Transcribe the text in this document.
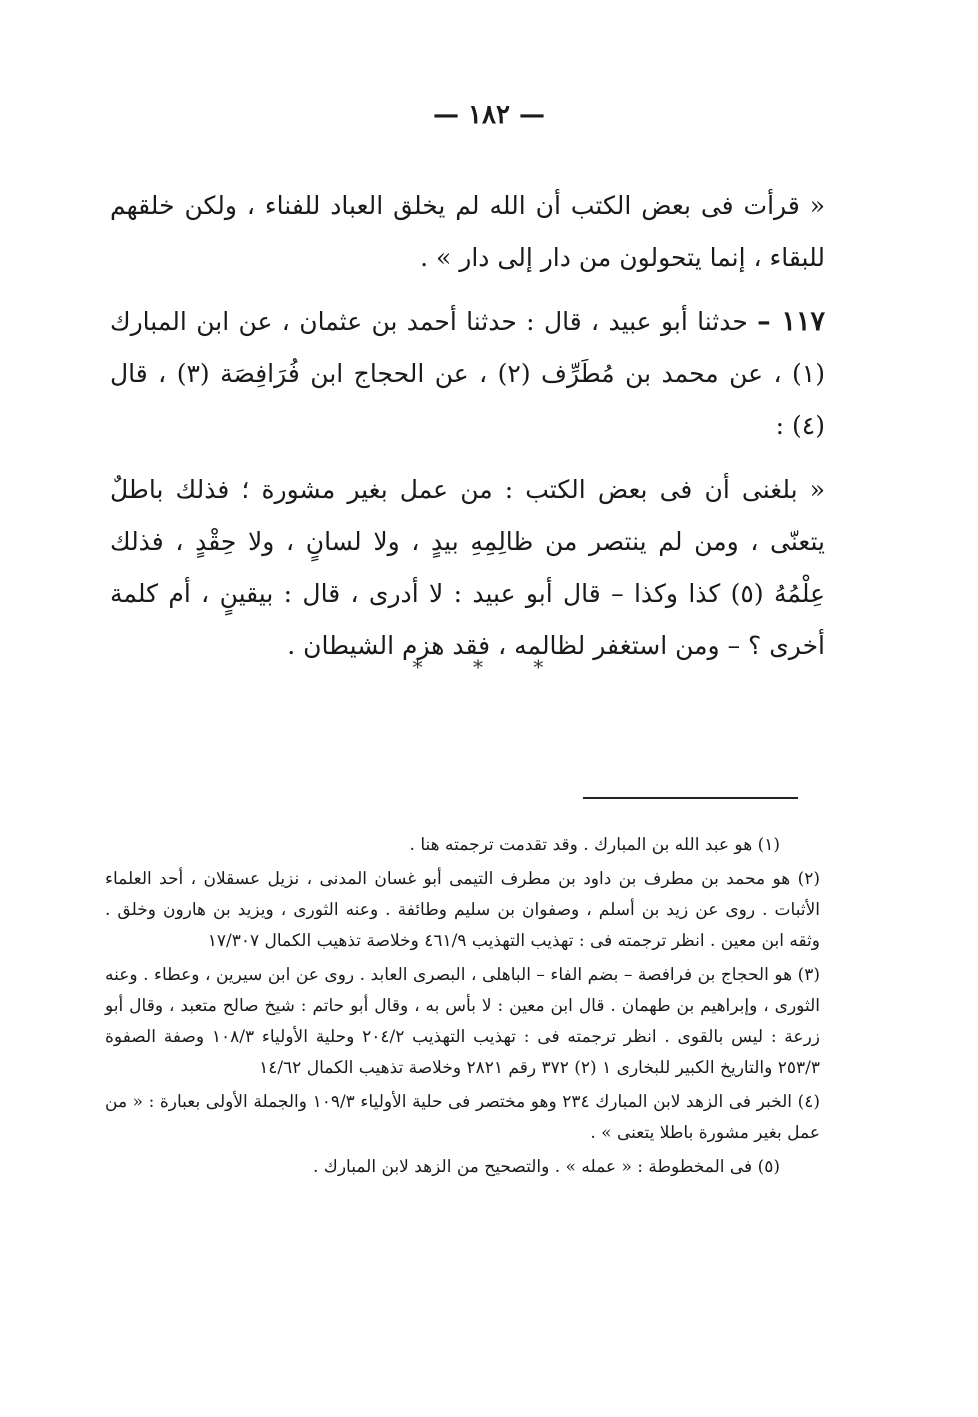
— ١٨٢ —

« قرأت فى بعض الكتب أن الله لم يخلق العباد للفناء ، ولكن خلقهم للبقاء ، إنما يتحولون من دار إلى دار » .

١١٧ – حدثنا أبو عبيد ، قال : حدثنا أحمد بن عثمان ، عن ابن المبارك (١) ، عن محمد بن مُطَرِّف (٢) ، عن الحجاج ابن فُرَافِصَة (٣) ، قال (٤) :

« بلغنى أن فى بعض الكتب : من عمل بغير مشورة ؛ فذلك باطلٌ يتعنّى ، ومن لم ينتصر من ظالِمِهِ بيدٍ ، ولا لسانٍ ، ولا حِقْدٍ ، فذلك عِلْمُهُ (٥) كذا وكذا – قال أبو عبيد : لا أدرى ، قال : بيقينٍ ، أم كلمة أخرى ؟ – ومن استغفر لظالمه ، فقد هزم الشيطان .

* * *

(١) هو عبد الله بن المبارك . وقد تقدمت ترجمته هنا .

(٢) هو محمد بن مطرف بن داود بن مطرف التيمى أبو غسان المدنى ، نزيل عسقلان ، أحد العلماء الأثبات . روى عن زيد بن أسلم ، وصفوان بن سليم وطائفة . وعنه الثورى ، ويزيد بن هارون وخلق . وثقه ابن معين . انظر ترجمته فى : تهذيب التهذيب ٤٦١/٩ وخلاصة تذهيب الكمال ١٧/٣٠٧

(٣) هو الحجاج بن فرافصة – بضم الفاء – الباهلى ، البصرى العابد . روى عن ابن سيرين ، وعطاء . وعنه الثورى ، وإبراهيم بن طهمان . قال ابن معين : لا بأس به ، وقال أبو حاتم : شيخ صالح متعبد ، وقال أبو زرعة : ليس بالقوى . انظر ترجمته فى : تهذيب التهذيب ٢٠٤/٢ وحلية الأولياء ١٠٨/٣ وصفة الصفوة ٢٥٣/٣ والتاريخ الكبير للبخارى ١ (٢) ٣٧٢ رقم ٢٨٢١ وخلاصة تذهيب الكمال ١٤/٦٢

(٤) الخبر فى الزهد لابن المبارك ٢٣٤ وهو مختصر فى حلية الأولياء ١٠٩/٣ والجملة الأولى بعبارة : « من عمل بغير مشورة باطلا يتعنى » .

(٥) فى المخطوطة : « عمله » . والتصحيح من الزهد لابن المبارك .
